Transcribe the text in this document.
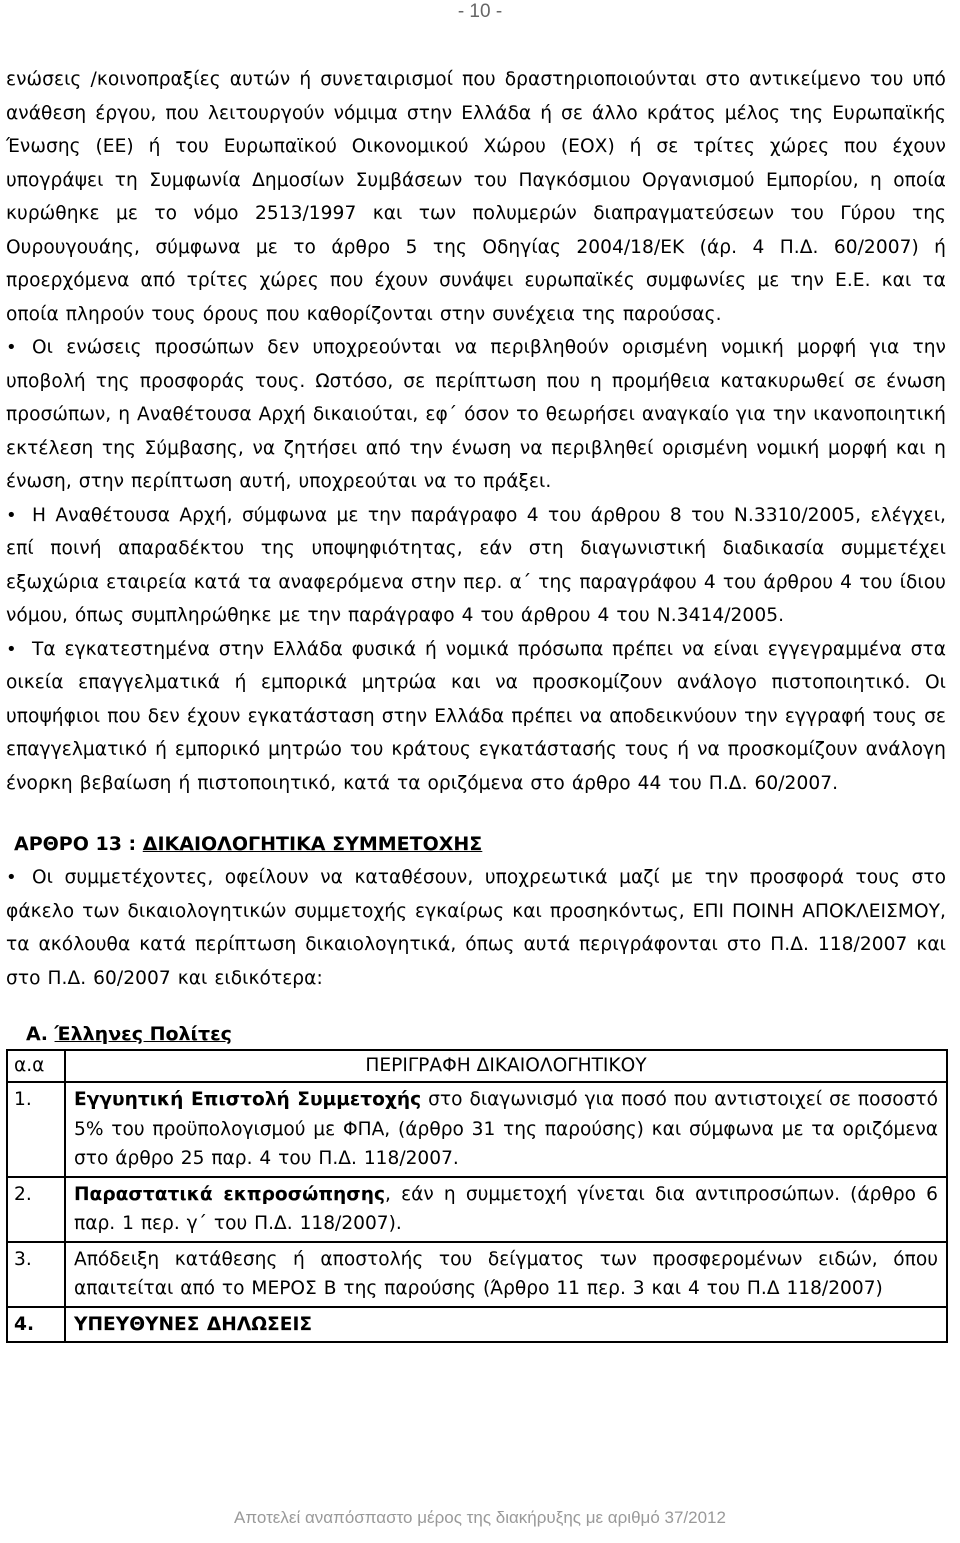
- 10 -

ενώσεις /κοινοπραξίες αυτών ή συνεταιρισμοί που δραστηριοποιούνται στο αντικείμενο του υπό ανάθεση έργου, που λειτουργούν νόμιμα στην Ελλάδα ή σε άλλο κράτος μέλος της Ευρωπαϊκής Ένωσης (ΕΕ) ή του Ευρωπαϊκού Οικονομικού Χώρου (ΕΟΧ) ή σε τρίτες χώρες που έχουν υπογράψει τη Συμφωνία Δημοσίων Συμβάσεων του Παγκόσμιου Οργανισμού Εμπορίου, η οποία κυρώθηκε με το νόμο 2513/1997 και των πολυμερών διαπραγματεύσεων του Γύρου της Ουρουγουάης, σύμφωνα με το άρθρο 5 της Οδηγίας 2004/18/ΕΚ (άρ. 4 Π.Δ. 60/2007) ή προερχόμενα από τρίτες χώρες που έχουν συνάψει ευρωπαϊκές συμφωνίες με την Ε.Ε. και τα οποία πληρούν τους όρους που καθορίζονται στην συνέχεια της παρούσας.

• Οι ενώσεις προσώπων δεν υποχρεούνται να περιβληθούν ορισμένη νομική μορφή για την υποβολή της προσφοράς τους. Ωστόσο, σε περίπτωση που η προμήθεια κατακυρωθεί σε ένωση προσώπων, η Αναθέτουσα Αρχή δικαιούται, εφ΄ όσον το θεωρήσει αναγκαίο για την ικανοποιητική εκτέλεση της Σύμβασης, να ζητήσει από την ένωση να περιβληθεί ορισμένη νομική μορφή και η ένωση, στην περίπτωση αυτή, υποχρεούται να το πράξει.

• Η Αναθέτουσα Αρχή, σύμφωνα με την παράγραφο 4 του άρθρου 8 του Ν.3310/2005, ελέγχει, επί ποινή απαραδέκτου της υποψηφιότητας, εάν στη διαγωνιστική διαδικασία συμμετέχει εξωχώρια εταιρεία κατά τα αναφερόμενα στην περ. α΄ της παραγράφου 4 του άρθρου 4 του ίδιου νόμου, όπως συμπληρώθηκε με την παράγραφο 4 του άρθρου 4 του Ν.3414/2005.

• Τα εγκατεστημένα στην Ελλάδα φυσικά ή νομικά πρόσωπα πρέπει να είναι εγγεγραμμένα στα οικεία επαγγελματικά ή εμπορικά μητρώα και να προσκομίζουν ανάλογο πιστοποιητικό. Οι υποψήφιοι που δεν έχουν εγκατάσταση στην Ελλάδα πρέπει να αποδεικνύουν την εγγραφή τους σε επαγγελματικό ή εμπορικό μητρώο του κράτους εγκατάστασής τους ή να προσκομίζουν ανάλογη ένορκη βεβαίωση ή πιστοποιητικό, κατά τα οριζόμενα στο άρθρο 44 του Π.Δ. 60/2007.

ΑΡΘΡΟ 13 : ΔΙΚΑΙΟΛΟΓΗΤΙΚΑ ΣΥΜΜΕΤΟΧΗΣ

• Οι συμμετέχοντες, οφείλουν να καταθέσουν, υποχρεωτικά μαζί με την προσφορά τους στο φάκελο των δικαιολογητικών συμμετοχής εγκαίρως και προσηκόντως, ΕΠΙ ΠΟΙΝΗ ΑΠΟΚΛΕΙΣΜΟΥ, τα ακόλουθα κατά περίπτωση δικαιολογητικά, όπως αυτά περιγράφονται στο Π.Δ. 118/2007 και στο Π.Δ. 60/2007 και ειδικότερα:

Α. Έλληνες Πολίτες
α.α	ΠΕΡΙΓΡΑΦΗ ΔΙΚΑΙΟΛΟΓΗΤΙΚΟΥ
1.	Εγγυητική Επιστολή Συμμετοχής στο διαγωνισμό για ποσό που αντιστοιχεί σε ποσοστό 5% του προϋπολογισμού με ΦΠΑ, (άρθρο 31 της παρούσης) και σύμφωνα με τα οριζόμενα στο άρθρο 25 παρ. 4 του Π.Δ. 118/2007.
2.	Παραστατικά εκπροσώπησης, εάν η συμμετοχή γίνεται δια αντιπροσώπων. (άρθρο 6 παρ. 1 περ. γ΄ του Π.Δ. 118/2007).
3.	Απόδειξη κατάθεσης ή αποστολής του δείγματος των προσφερομένων ειδών, όπου απαιτείται από το ΜΕΡΟΣ Β της παρούσης (Άρθρο 11 περ. 3 και 4 του Π.Δ 118/2007)
4.	ΥΠΕΥΘΥΝΕΣ ΔΗΛΩΣΕΙΣ
Αποτελεί αναπόσπαστο μέρος της διακήρυξης με αριθμό 37/2012
